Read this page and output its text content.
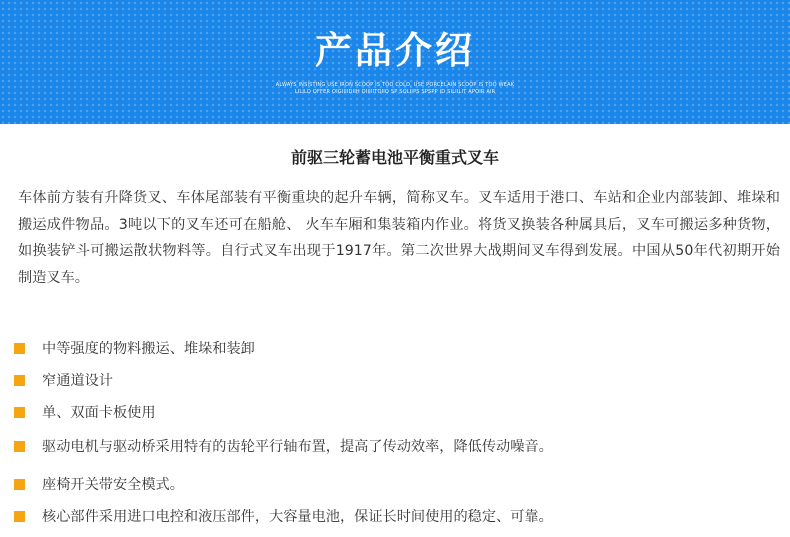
产品介绍
ALWAYS INSISTING USE IRON SCOOP IS TOO COLD, USE PORCELAIN SCOOP IS TOO WEAK
LILILD OFFER OIGIIIIDIIH OIIIIITOIIO SP SOLIIPS SPSPP ID SILIILIT APOIR AIR
前驱三轮蓄电池平衡重式叉车

车体前方装有升降货叉、车体尾部装有平衡重块的起升车辆，简称叉车。叉车适用于港口、车站和企业内部装卸、堆垛和搬运成件物品。3吨以下的叉车还可在船舱、 火车车厢和集装箱内作业。将货叉换装各种属具后，叉车可搬运多种货物，如换装铲斗可搬运散状物料等。自行式叉车出现于1917年。第二次世界大战期间叉车得到发展。中国从50年代初期开始制造叉车。

中等强度的物料搬运、堆垛和装卸
窄通道设计
单、双面卡板使用
驱动电机与驱动桥采用特有的齿轮平行轴布置，提高了传动效率，降低传动噪音。
座椅开关带安全模式。
核心部件采用进口电控和液压部件，大容量电池，保证长时间使用的稳定、可靠。
